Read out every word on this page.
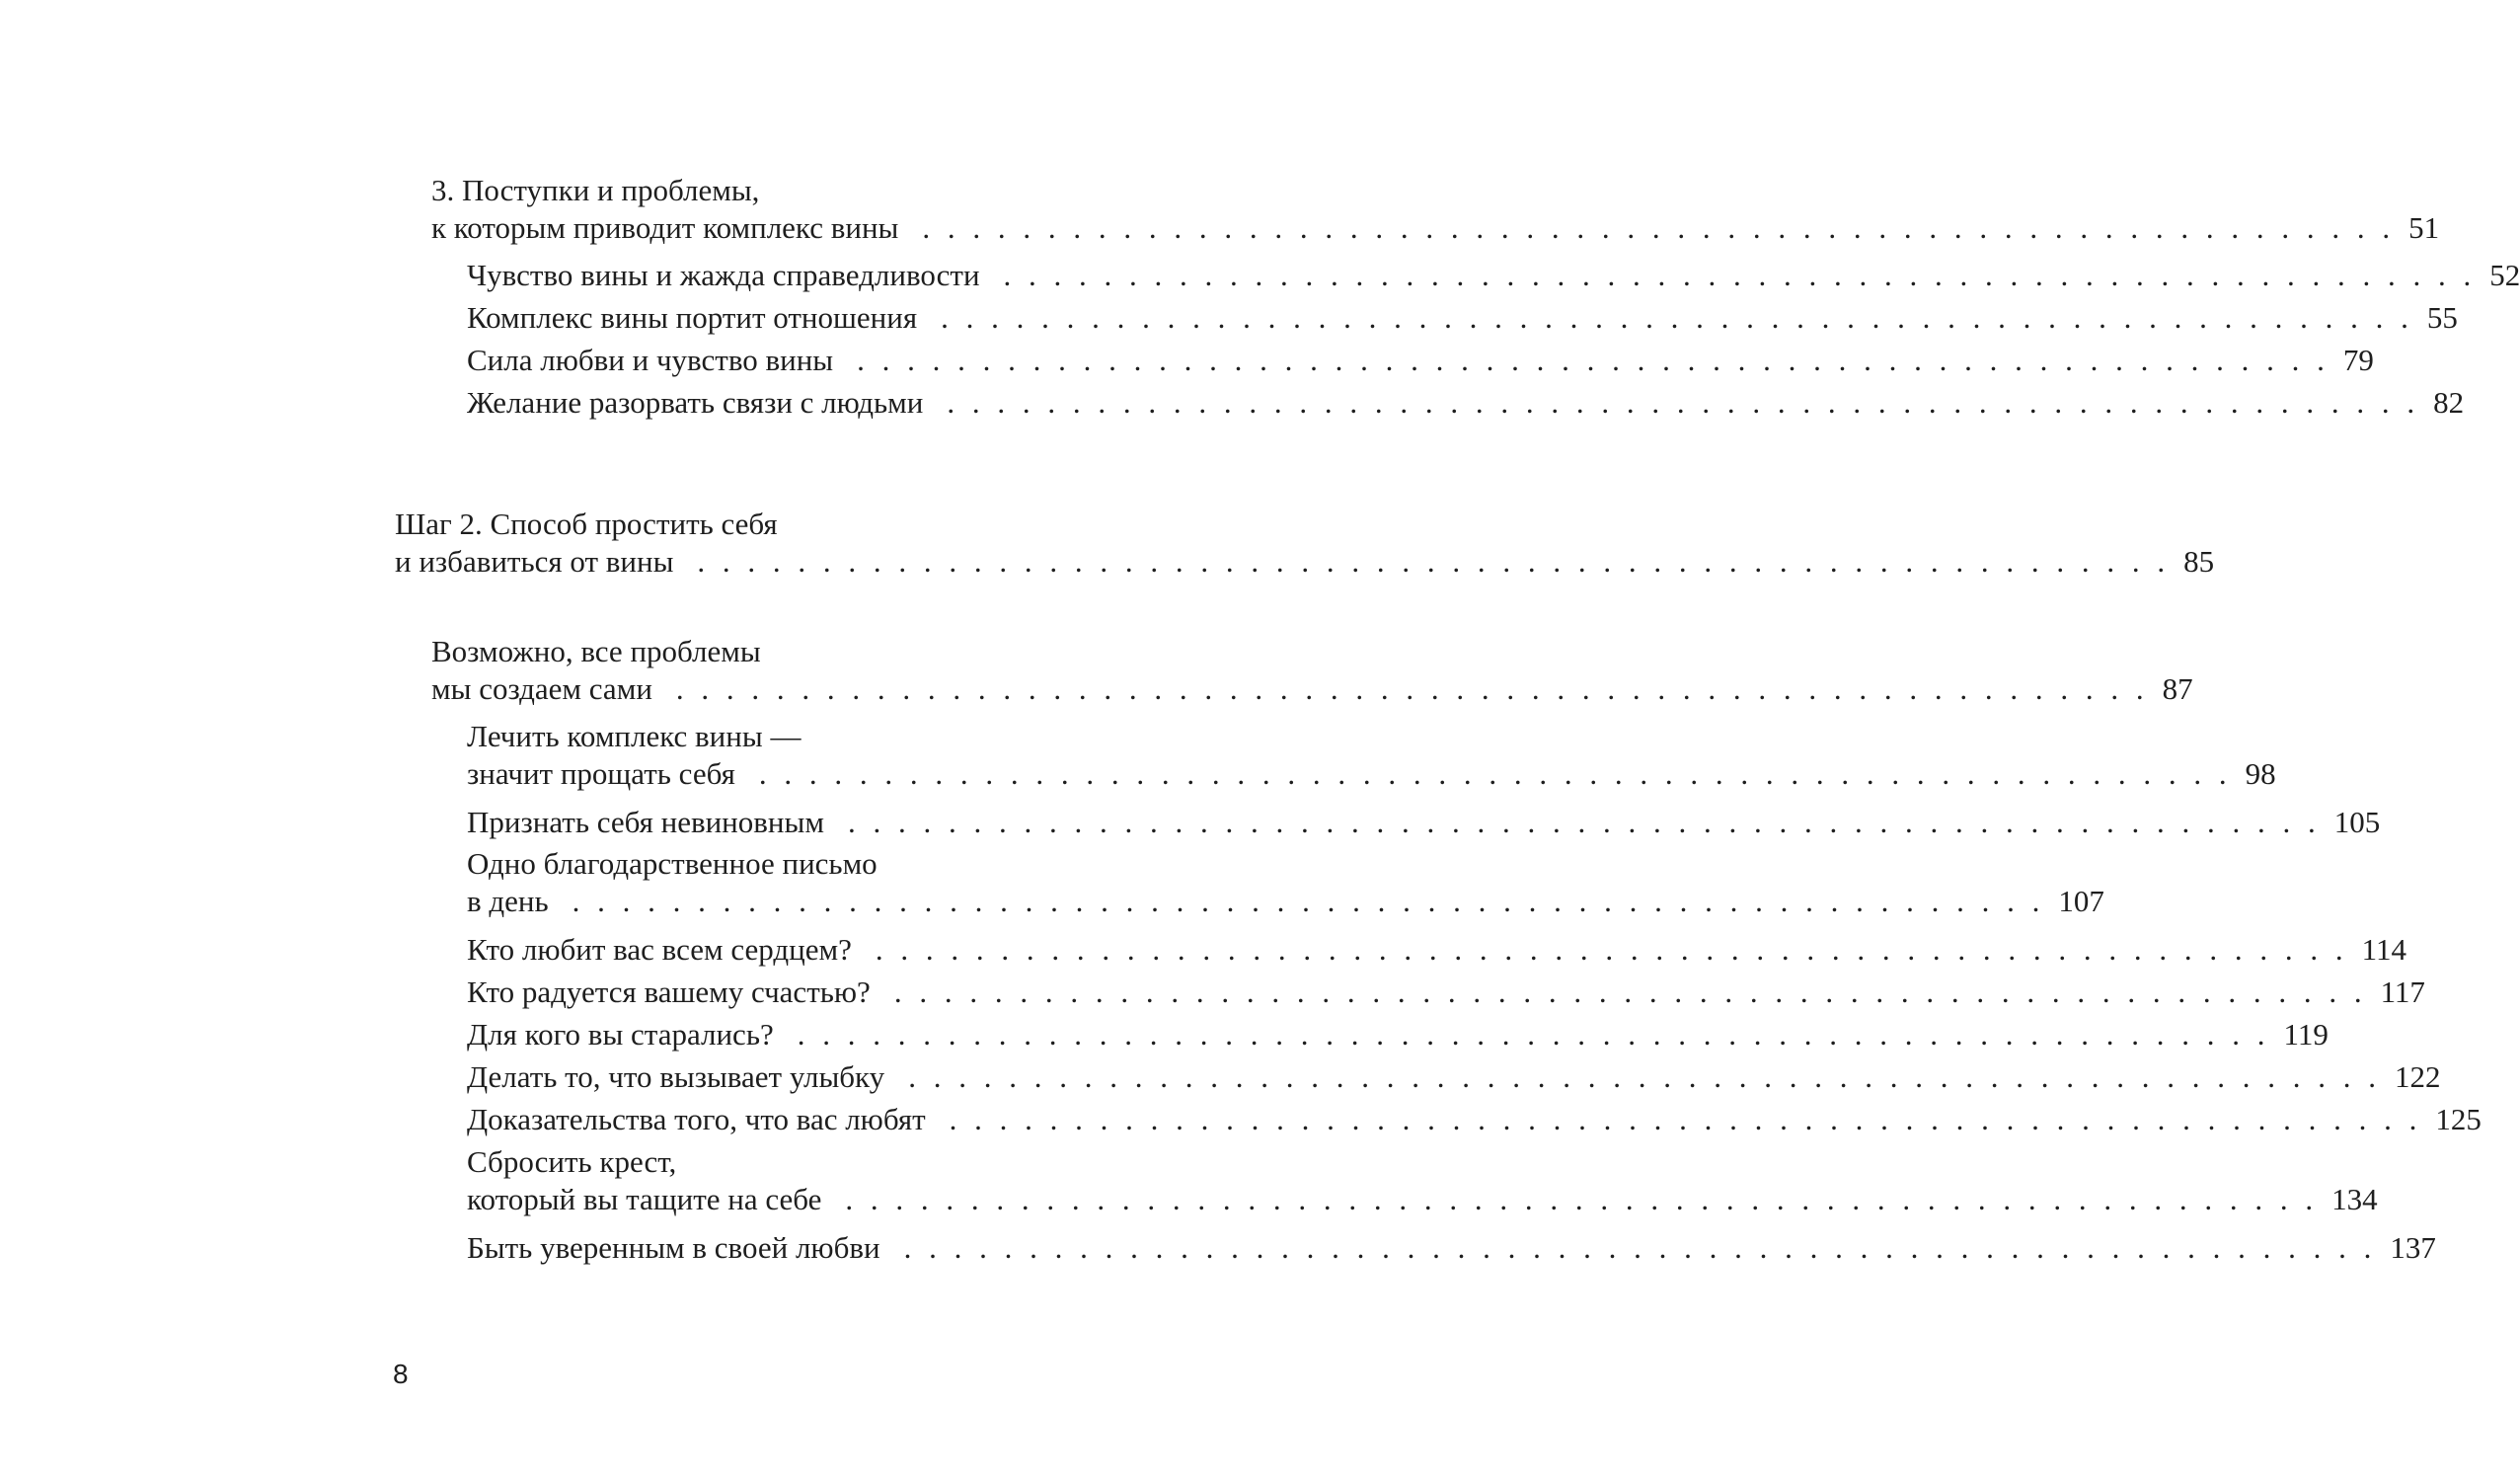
3. Поступки и проблемы,
к которым приводит комплекс вины . . . . . . . . . . . . . . . . . . . . . . . . . . . . . . . . . . . . . . . . . . . . . . . . . . . . . . . . . . . 51
Чувство вины и жажда справедливости . . . . . . . . . . . . . . . . . . . . . . . . . . . . . . . . . . . . . . . . . . . . . . . . . . . . . . . . . . . 52
Комплекс вины портит отношения . . . . . . . . . . . . . . . . . . . . . . . . . . . . . . . . . . . . . . . . . . . . . . . . . . . . . . . . . . . 55
Сила любви и чувство вины . . . . . . . . . . . . . . . . . . . . . . . . . . . . . . . . . . . . . . . . . . . . . . . . . . . . . . . . . . . 79
Желание разорвать связи с людьми . . . . . . . . . . . . . . . . . . . . . . . . . . . . . . . . . . . . . . . . . . . . . . . . . . . . . . . . . . . 82
Шаг 2. Способ простить себя
и избавиться от вины . . . . . . . . . . . . . . . . . . . . . . . . . . . . . . . . . . . . . . . . . . . . . . . . . . . . . . . . . . . 85
Возможно, все проблемы
мы создаем сами . . . . . . . . . . . . . . . . . . . . . . . . . . . . . . . . . . . . . . . . . . . . . . . . . . . . . . . . . . . 87
Лечить комплекс вины —
значит прощать себя . . . . . . . . . . . . . . . . . . . . . . . . . . . . . . . . . . . . . . . . . . . . . . . . . . . . . . . . . . . 98
Признать себя невиновным . . . . . . . . . . . . . . . . . . . . . . . . . . . . . . . . . . . . . . . . . . . . . . . . . . . . . . . . . . . 105
Одно благодарственное письмо
в день . . . . . . . . . . . . . . . . . . . . . . . . . . . . . . . . . . . . . . . . . . . . . . . . . . . . . . . . . . . 107
Кто любит вас всем сердцем? . . . . . . . . . . . . . . . . . . . . . . . . . . . . . . . . . . . . . . . . . . . . . . . . . . . . . . . . . . . 114
Кто радуется вашему счастью? . . . . . . . . . . . . . . . . . . . . . . . . . . . . . . . . . . . . . . . . . . . . . . . . . . . . . . . . . . . 117
Для кого вы старались? . . . . . . . . . . . . . . . . . . . . . . . . . . . . . . . . . . . . . . . . . . . . . . . . . . . . . . . . . . . 119
Делать то, что вызывает улыбку . . . . . . . . . . . . . . . . . . . . . . . . . . . . . . . . . . . . . . . . . . . . . . . . . . . . . . . . . . . 122
Доказательства того, что вас любят . . . . . . . . . . . . . . . . . . . . . . . . . . . . . . . . . . . . . . . . . . . . . . . . . . . . . . . . . . . 125
Сбросить крест,
который вы тащите на себе . . . . . . . . . . . . . . . . . . . . . . . . . . . . . . . . . . . . . . . . . . . . . . . . . . . . . . . . . . . 134
Быть уверенным в своей любви . . . . . . . . . . . . . . . . . . . . . . . . . . . . . . . . . . . . . . . . . . . . . . . . . . . . . . . . . . . 137
8
